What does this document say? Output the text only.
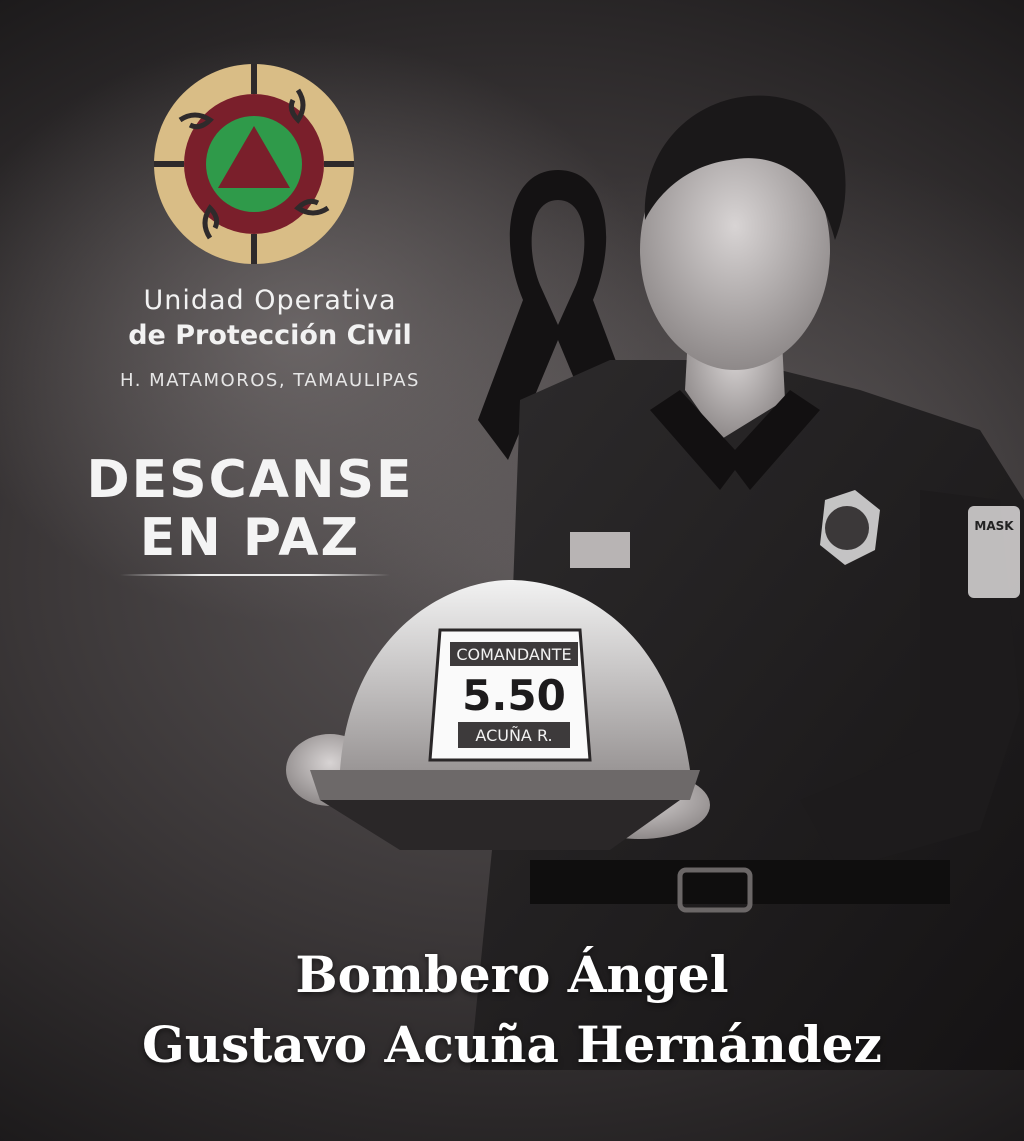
Unidad Operativa
de Protección Civil
H. MATAMOROS, TAMAULIPAS
DESCANSE
EN PAZ	MASK
COMANDANTE
5.50
ACUÑA R.
Bombero Ángel
Gustavo Acuña Hernández
